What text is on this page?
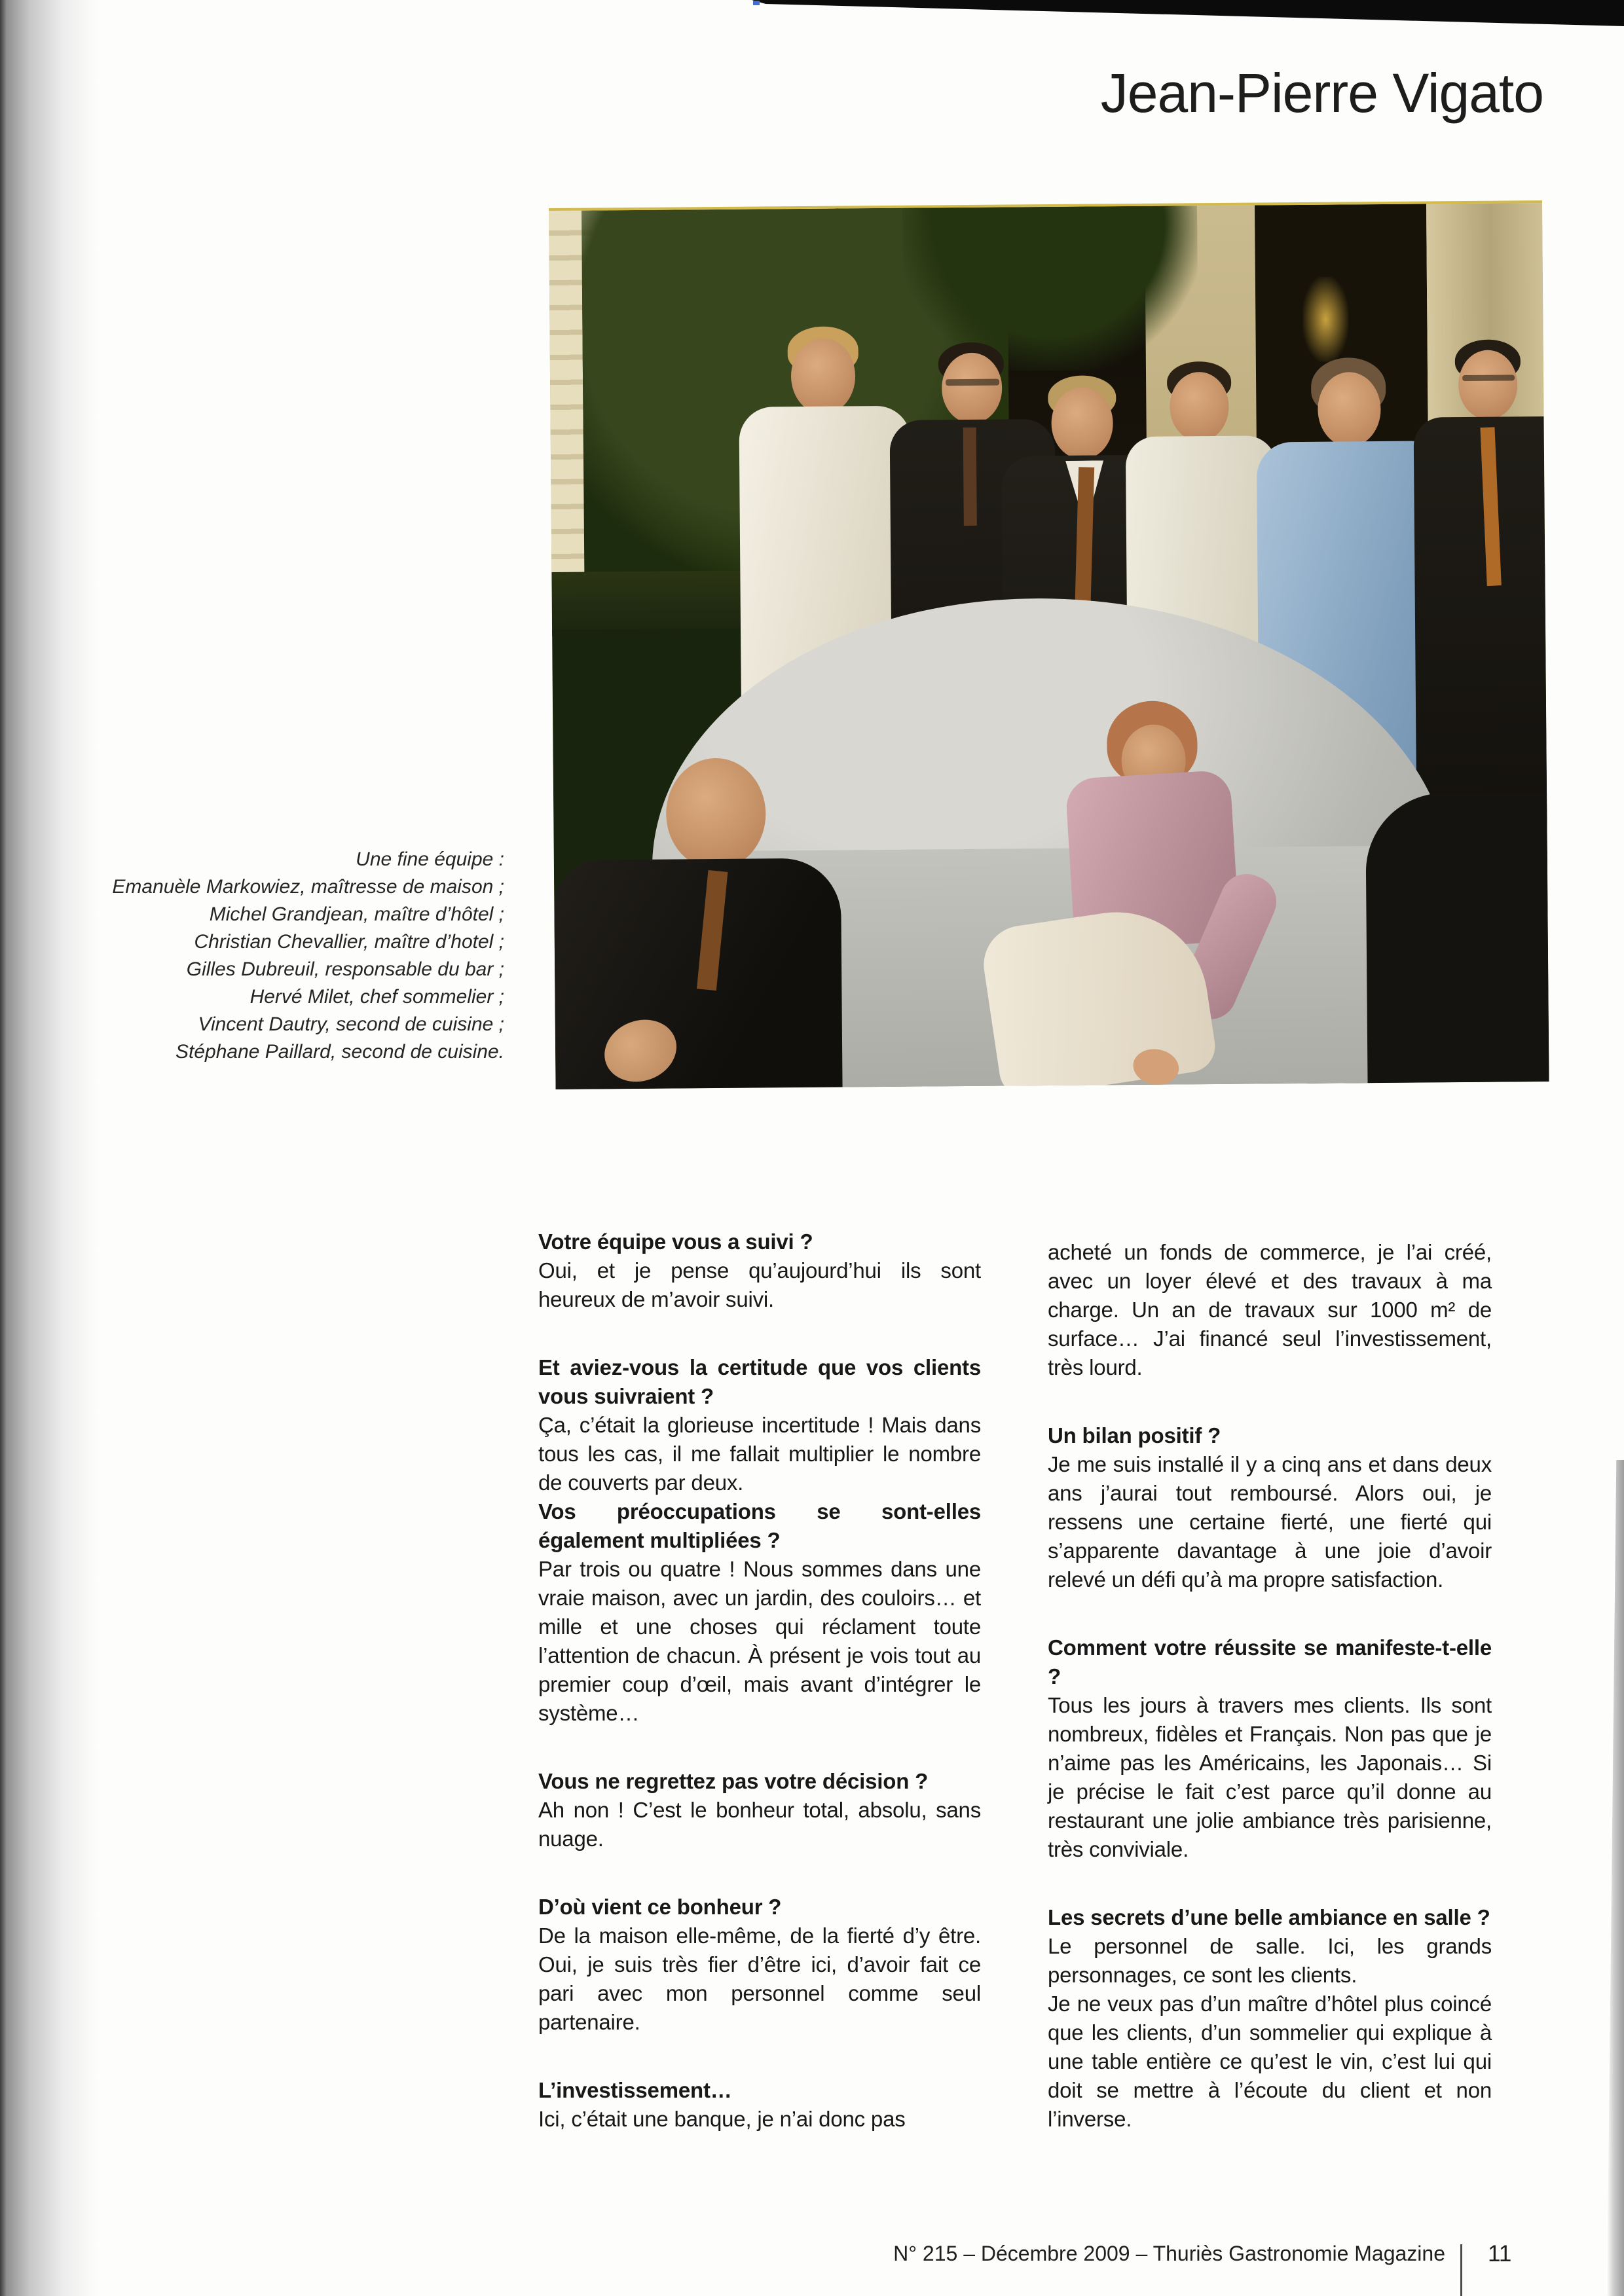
Jean-Pierre Vigato
Une fine équipe :
Emanuèle Markowiez, maîtresse de maison ;
Michel Grandjean, maître d’hôtel ;
Christian Chevallier, maître d’hotel ;
Gilles Dubreuil, responsable du bar ;
Hervé Milet, chef sommelier ;
Vincent Dautry, second de cuisine ;
Stéphane Paillard, second de cuisine.
Votre équipe vous a suivi ?

Oui, et je pense qu’aujourd’hui ils sont heureux de m’avoir suivi.

Et aviez-vous la certitude que vos clients vous suivraient ?

Ça, c’était la glorieuse incertitude ! Mais dans tous les cas, il me fallait multiplier le nombre de couverts par deux.

Vos préoccupations se sont-elles également multipliées ?

Par trois ou quatre ! Nous sommes dans une vraie maison, avec un jardin, des couloirs… et mille et une choses qui réclament toute l’attention de chacun. À présent je vois tout au premier coup d’œil, mais avant d’intégrer le système…

Vous ne regrettez pas votre décision ?

Ah non ! C’est le bonheur total, absolu, sans nuage.

D’où vient ce bonheur ?

De la maison elle-même, de la fierté d’y être. Oui, je suis très fier d’être ici, d’avoir fait ce pari avec mon personnel comme seul partenaire.

L’investissement…

Ici, c’était une banque, je n’ai donc pas

acheté un fonds de commerce, je l’ai créé, avec un loyer élevé et des travaux à ma charge. Un an de travaux sur 1000 m² de surface… J’ai financé seul l’investissement, très lourd.

Un bilan positif ?

Je me suis installé il y a cinq ans et dans deux ans j’aurai tout remboursé. Alors oui, je ressens une certaine fierté, une fierté qui s’apparente davantage à une joie d’avoir relevé un défi qu’à ma propre satisfaction.

Comment votre réussite se manifeste-t-elle ?

Tous les jours à travers mes clients. Ils sont nombreux, fidèles et Français. Non pas que je n’aime pas les Américains, les Japonais… Si je précise le fait c’est parce qu’il donne au restaurant une jolie ambiance très parisienne, très conviviale.

Les secrets d’une belle ambiance en salle ?

Le personnel de salle. Ici, les grands personnages, ce sont les clients.

Je ne veux pas d’un maître d’hôtel plus coincé que les clients, d’un sommelier qui explique à une table entière ce qu’est le vin, c’est lui qui doit se mettre à l’écoute du client et non l’inverse.

N° 215 – Décembre 2009 – Thuriès Gastronomie Magazine 11
